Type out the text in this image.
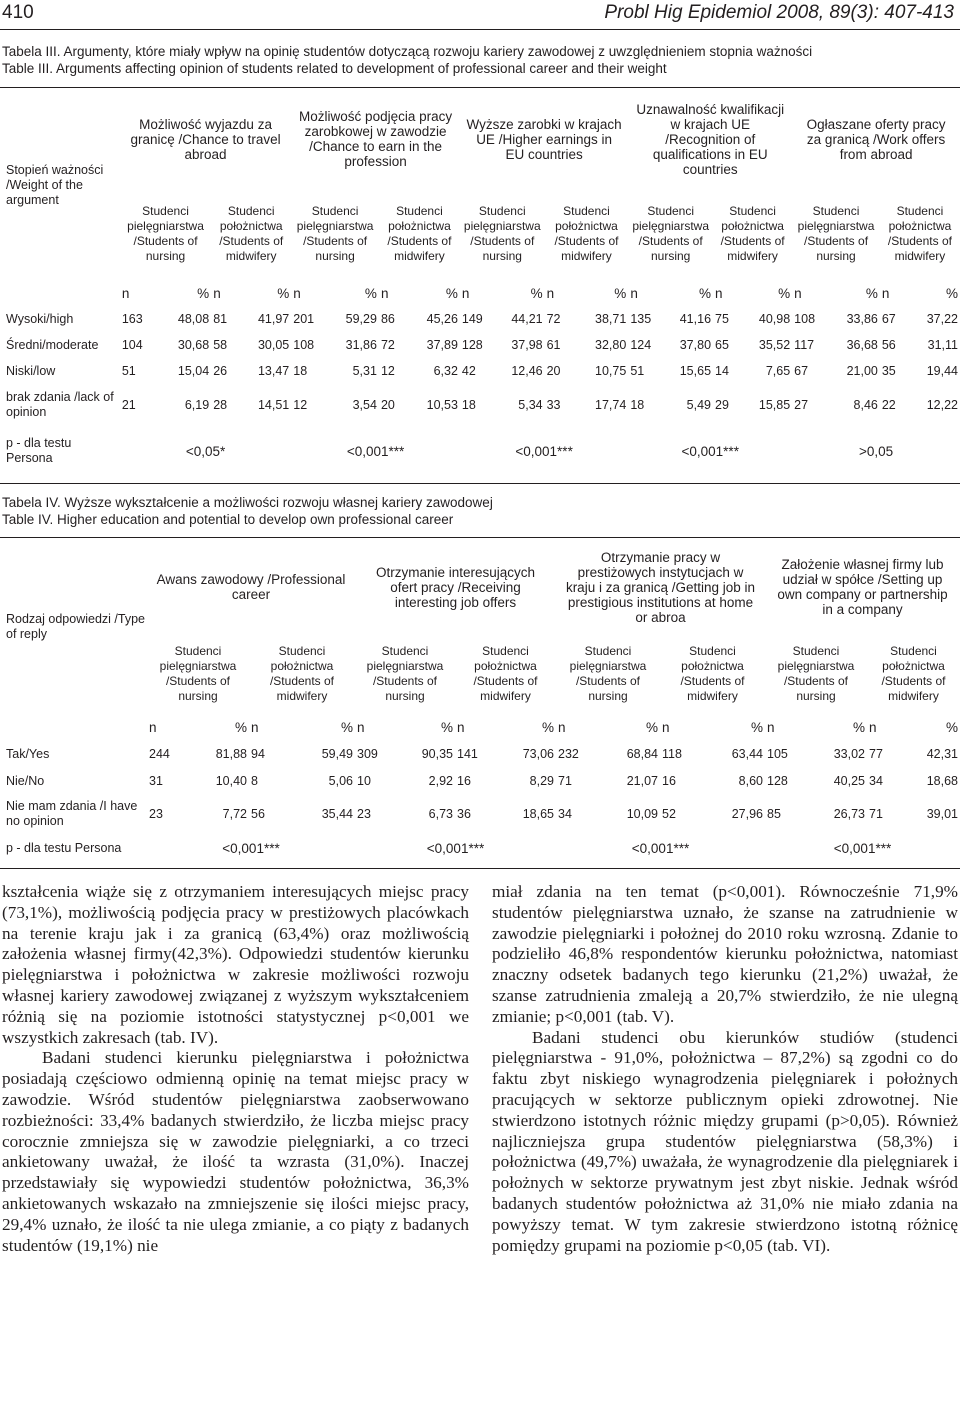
410	Probl Hig Epidemiol 2008, 89(3): 407-413
Tabela III. Argumenty, które miały wpływ na opinię studentów dotyczącą rozwoju kariery zawodowej z uwzględnieniem stopnia ważności
Table III. Arguments affecting opinion of students related to development of professional career and their weight
Stopień ważności /Weight of the argument	Możliwość wyjazdu za granicę /Chance to travel abroad		Możliwość podjęcia pracy zarobkowej w zawodzie /Chance to earn in the profession		Wyższe zarobki w krajach UE /Higher earnings in EU countries		Uznawalność kwalifikacji w krajach UE /Recognition of qualifications in EU countries		Ogłaszane oferty pracy za granicą /Work offers from abroad	
	Studenci pielęgniarstwa /Students of nursing	Studenci położnictwa /Students of midwifery	Studenci pielęgniarstwa /Students of nursing	Studenci położnictwa /Students of midwifery	Studenci pielęgniarstwa /Students of nursing	Studenci położnictwa /Students of midwifery	Studenci pielęgniarstwa /Students of nursing	Studenci położnictwa /Students of midwifery	Studenci pielęgniarstwa /Students of nursing	Studenci położnictwa /Students of midwifery

	n %	n %	n %	n %	n %	n %	n %	n %	n %	n %

Wysoki/high	163 48,08	81 41,97	201 59,29	86 45,26	149 44,21	72 38,71	135 41,16	75 40,98	108 33,86	67 37,22

Średni/moderate	104 30,68	58 30,05	108 31,86	72 37,89	128 37,98	61 32,80	124 37,80	65 35,52	117 36,68	56 31,11

Niski/low	51 15,04	26 13,47	18 5,31	12 6,32	42 12,46	20 10,75	51 15,65	14 7,65	67 21,00	35 19,44

brak zdania /lack of opinion	21 6,19	28 14,51	12 3,54	20 10,53	18 5,34	33 17,74	18 5,49	29 15,85	27 8,46	22 12,22

p - dla testu Persona	<0,05*		<0,001***		<0,001***		<0,001***		>0,05	
Tabela IV. Wyższe wykształcenie a możliwości rozwoju własnej kariery zawodowej
Table IV. Higher education and potential to develop own professional career
Rodzaj odpowiedzi /Type of reply	Awans zawodowy /Professional career		Otrzymanie interesujących ofert pracy /Receiving interesting job offers		Otrzymanie pracy w prestiżowych instytucjach w kraju i za granicą /Getting job in prestigious institutions at home or abroa		Założenie własnej firmy lub udział w spółce /Setting up own company or partnership in a company	
	Studenci pielęgniarstwa /Students of nursing	Studenci położnictwa /Students of midwifery	Studenci pielęgniarstwa /Students of nursing	Studenci położnictwa /Students of midwifery	Studenci pielęgniarstwa /Students of nursing	Studenci położnictwa /Students of midwifery	Studenci pielęgniarstwa /Students of nursing	Studenci położnictwa /Students of midwifery

	n %	n %	n %	n %	n %	n %	n %	n %

Tak/Yes	244 81,88	94 59,49	309 90,35	141 73,06	232 68,84	118 63,44	105 33,02	77 42,31

Nie/No	31 10,40	8 5,06	10 2,92	16 8,29	71 21,07	16 8,60	128 40,25	34 18,68

Nie mam zdania /I have no opinion	23 7,72	56 35,44	23 6,73	36 18,65	34 10,09	52 27,96	85 26,73	71 39,01

p - dla testu Persona	<0,001***		<0,001***		<0,001***		<0,001***	

kształcenia wiąże się z otrzymaniem interesujących miejsc pracy (73,1%), możliwością podjęcia pracy w prestiżowych placówkach na terenie kraju jak i za granicą (63,4%) oraz możliwością założenia własnej firmy(42,3%). Odpowiedzi studentów kierunku pielęgniarstwa i położnictwa w zakresie możliwości rozwoju własnej kariery zawodowej związanej z wyższym wykształceniem różnią się na poziomie istotności statystycznej p<0,001 we wszystkich zakresach (tab. IV).

Badani studenci kierunku pielęgniarstwa i położnictwa posiadają częściowo odmienną opinię na temat miejsc pracy w zawodzie. Wśród studentów pielęgniarstwa zaobserwowano rozbieżności: 33,4% badanych stwierdziło, że liczba miejsc pracy corocznie zmniejsza się w zawodzie pielęgniarki, a co trzeci ankietowany uważał, że ilość ta wzrasta (31,0%). Inaczej przedstawiały się wypowiedzi studentów położnictwa, 36,3% ankietowanych wskazało na zmniejszenie się ilości miejsc pracy, 29,4% uznało, że ilość ta nie ulega zmianie, a co piąty z badanych studentów (19,1%) nie

miał zdania na ten temat (p<0,001). Równocześnie 71,9% studentów pielęgniarstwa uznało, że szanse na zatrudnienie w zawodzie pielęgniarki i położnej do 2010 roku wzrosną. Zdanie to podzieliło 46,8% respondentów kierunku położnictwa, natomiast znaczny odsetek badanych tego kierunku (21,2%) uważał, że szanse zatrudnienia zmaleją a 20,7% stwierdziło, że nie ulegną zmianie; p<0,001 (tab. V).

Badani studenci obu kierunków studiów (studenci pielęgniarstwa - 91,0%, położnictwa – 87,2%) są zgodni co do faktu zbyt niskiego wynagrodzenia pielęgniarek i położnych pracujących w sektorze publicznym opieki zdrowotnej. Nie stwierdzono istotnych różnic między grupami (p>0,05). Również najliczniejsza grupa studentów pielęgniarstwa (58,3%) i położnictwa (49,7%) uważała, że wynagrodzenie dla pielęgniarek i położnych w sektorze prywatnym jest zbyt niskie. Jednak wśród badanych studentów położnictwa aż 31,0% nie miało zdania na powyższy temat. W tym zakresie stwierdzono istotną różnicę pomiędzy grupami na poziomie p<0,05 (tab. VI).
